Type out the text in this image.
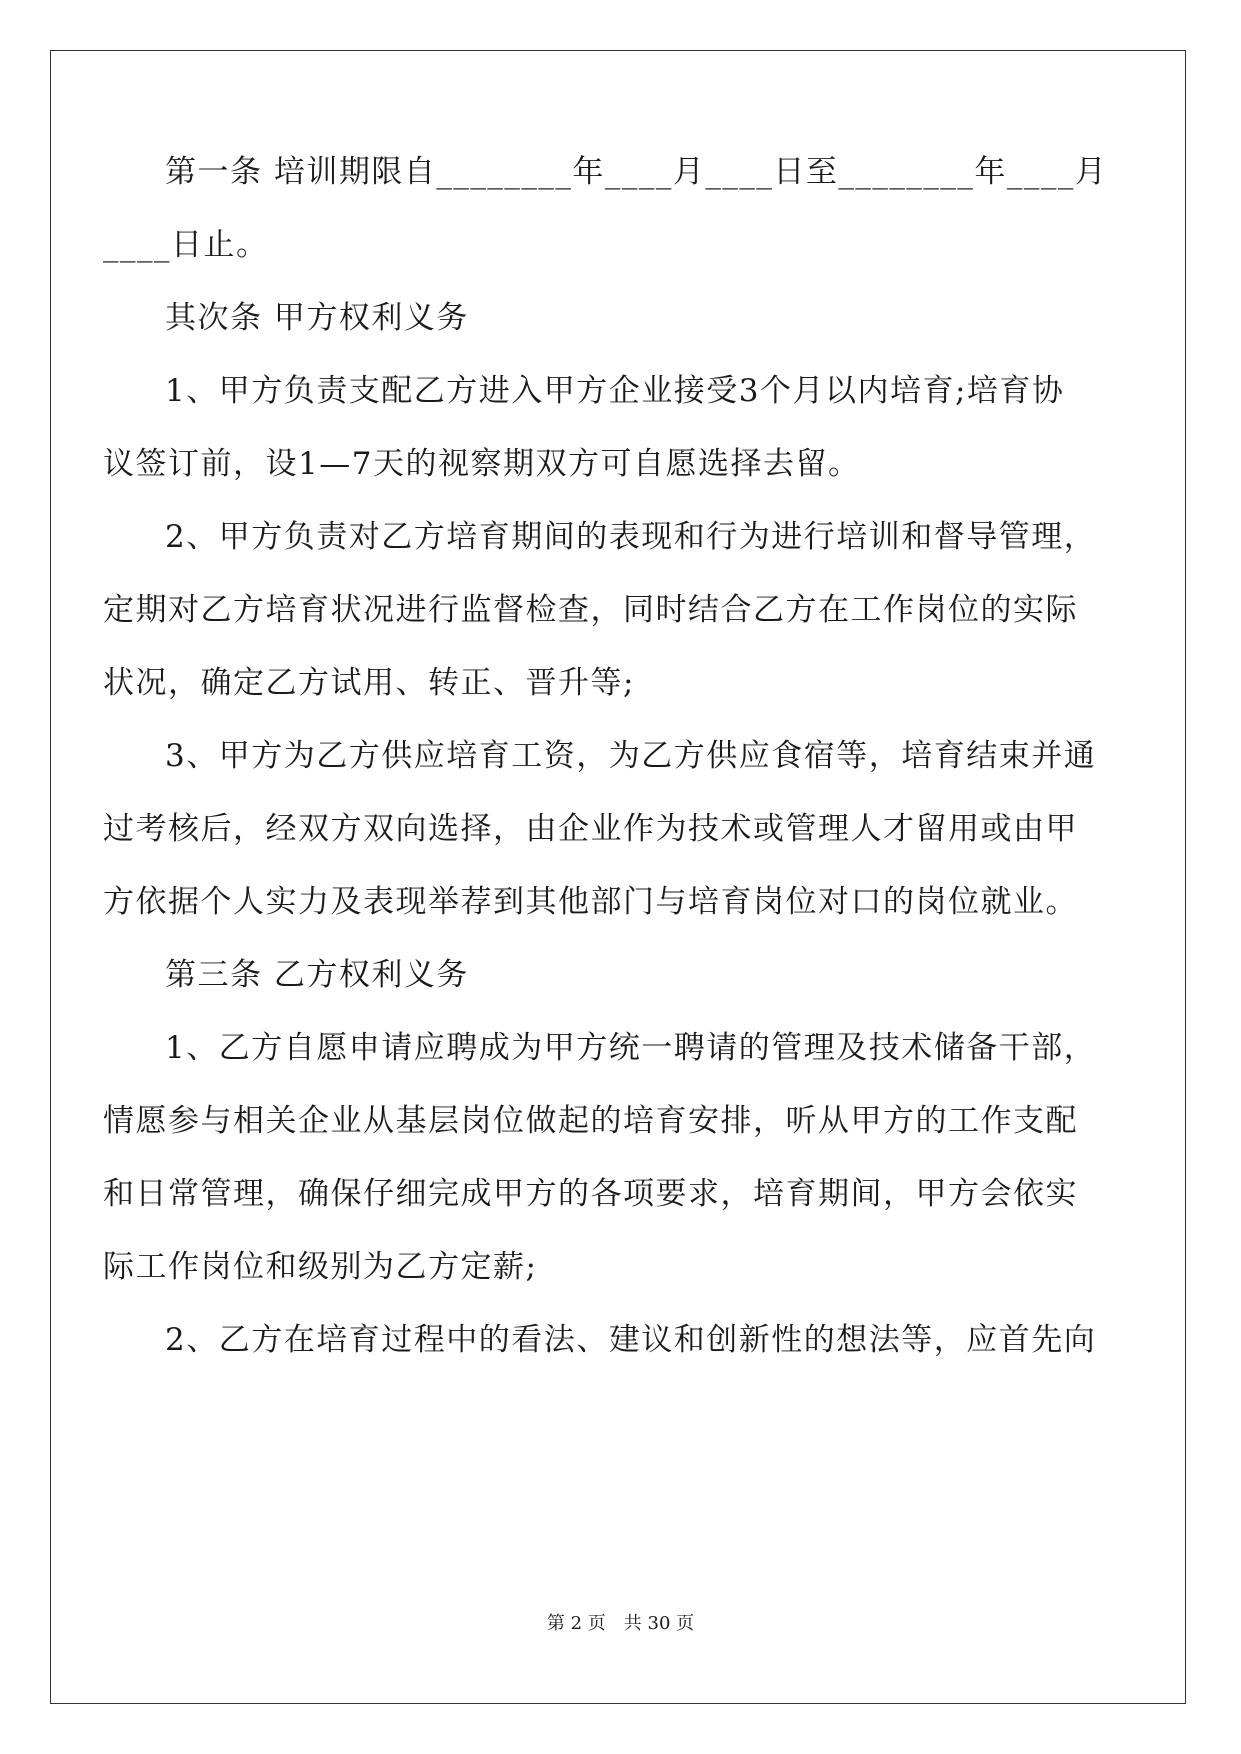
第一条 培训期限自________年____月____日至________年____月
____日止。
其次条 甲方权利义务
1、甲方负责支配乙方进入甲方企业接受3个月以内培育;培育协
议签订前，设1—7天的视察期双方可自愿选择去留。
2、甲方负责对乙方培育期间的表现和行为进行培训和督导管理，
定期对乙方培育状况进行监督检查，同时结合乙方在工作岗位的实际
状况，确定乙方试用、转正、晋升等;
3、甲方为乙方供应培育工资，为乙方供应食宿等，培育结束并通
过考核后，经双方双向选择，由企业作为技术或管理人才留用或由甲
方依据个人实力及表现举荐到其他部门与培育岗位对口的岗位就业。
第三条 乙方权利义务
1、乙方自愿申请应聘成为甲方统一聘请的管理及技术储备干部，
情愿参与相关企业从基层岗位做起的培育安排，听从甲方的工作支配
和日常管理，确保仔细完成甲方的各项要求，培育期间，甲方会依实
际工作岗位和级别为乙方定薪;
2、乙方在培育过程中的看法、建议和创新性的想法等，应首先向
第 2 页　共 30 页
